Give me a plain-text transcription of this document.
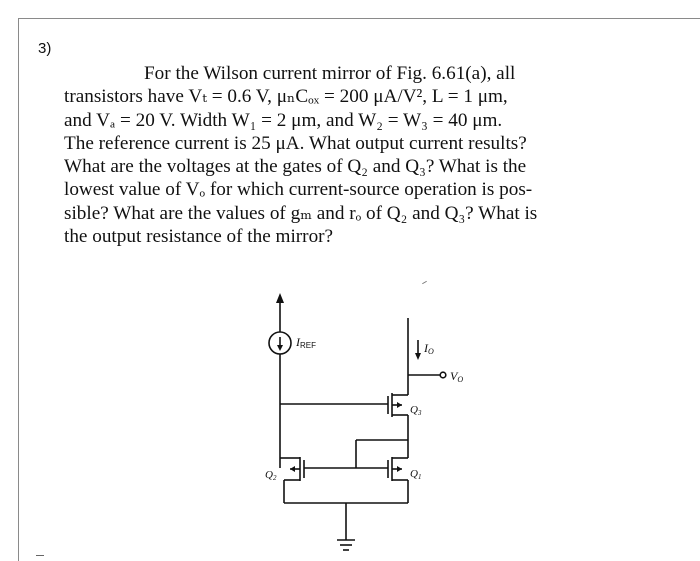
3)
For the Wilson current mirror of Fig. 6.61(a), all
transistors have Vₜ = 0.6 V, μₙCₒₓ = 200 μA/V², L = 1 μm,
and Vₐ = 20 V. Width W₁ = 2 μm, and W₂ = W₃ = 40 μm.
The reference current is 25 μA. What output current results?
What are the voltages at the gates of Q₂ and Q₃? What is the
lowest value of Vₒ for which current-source operation is pos-
sible? What are the values of gₘ and rₒ of Q₂ and Q₃? What is
the output resistance of the mirror?
IREF	IO
VO
Q3
Q1
Q2
